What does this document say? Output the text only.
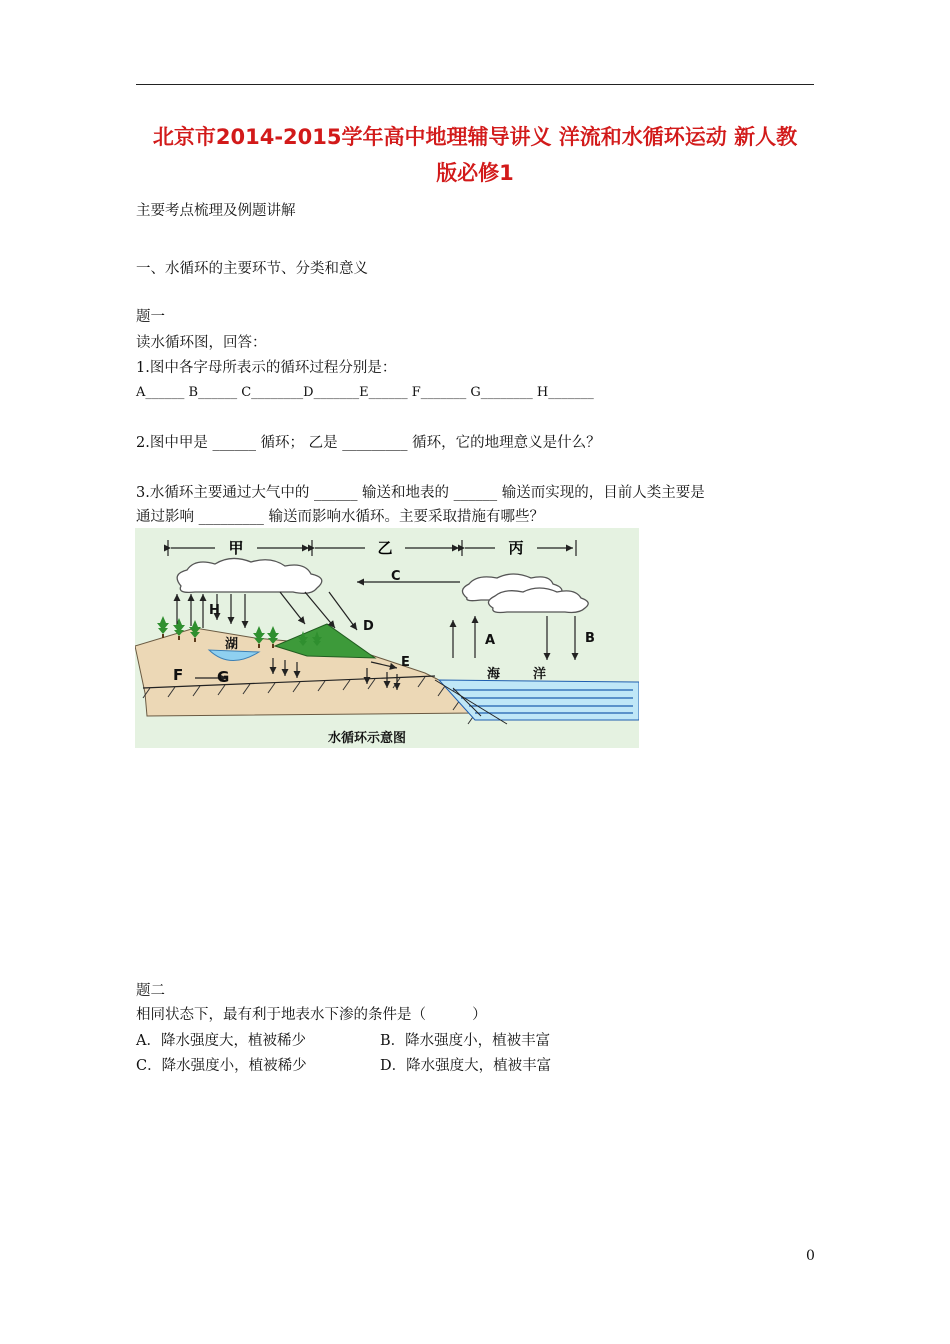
北京市2014-2015学年高中地理辅导讲义 洋流和水循环运动 新人教
版必修1
主要考点梳理及例题讲解
一、水循环的主要环节、分类和意义
题一
读水循环图，回答：
1.图中各字母所表示的循环过程分别是：
A______ B______ C________D_______E______ F_______ G________ H_______
2.图中甲是 ______ 循环； 乙是 _________ 循环，它的地理意义是什么？
3.水循环主要通过大气中的 ______ 输送和地表的 ______ 输送而实现的，目前人类主要是
通过影响 _________ 输送而影响水循环。主要采取措施有哪些？
甲	乙	丙
C
H
D
E
A	B
F G
湖
海	洋
水循环示意图
题二
相同状态下，最有利于地表水下渗的条件是（          ）
A．降水强度大，植被稀少	B．降水强度小，植被丰富
C．降水强度小，植被稀少	D．降水强度大，植被丰富
0
